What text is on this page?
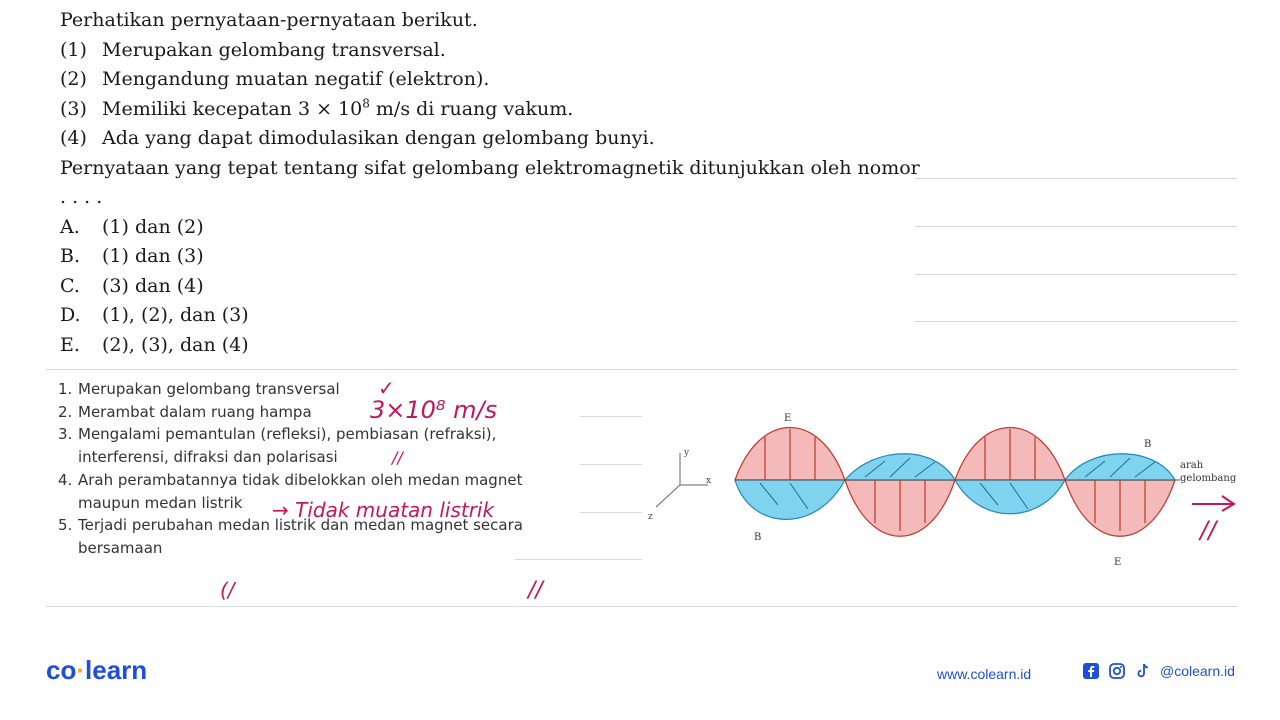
Perhatikan pernyataan-pernyataan berikut.
(1) Merupakan gelombang transversal.
(2) Mengandung muatan negatif (elektron).
(3) Memiliki kecepatan $3 \times 10^8$ m/s di ruang vakum.
(4) Ada yang dapat dimodulasikan dengan gelombang bunyi.
Pernyataan yang tepat tentang sifat gelombang elektromagnetik ditunjukkan oleh nomor
. . . .
A. (1) dan (2)
B. (1) dan (3)
C. (3) dan (4)
D. (1), (2), dan (3)
E. (2), (3), dan (4)
1. Merupakan gelombang transversal
2. Merambat dalam ruang hampa
3. Mengalami pemantulan (refleksi), pembiasan (refraksi),
interferensi, difraksi dan polarisasi
4. Arah perambatannya tidak dibelokkan oleh medan magnet
maupun medan listrik
5. Terjadi perubahan medan listrik dan medan magnet secara
bersamaan
✓
3×10⁸ m/s
//
→ Tidak muatan listrik
(/	//
//
y
x
z
E
B
B
E
arah
gelombang
co·learn	www.colearn.id	@colearn.id
